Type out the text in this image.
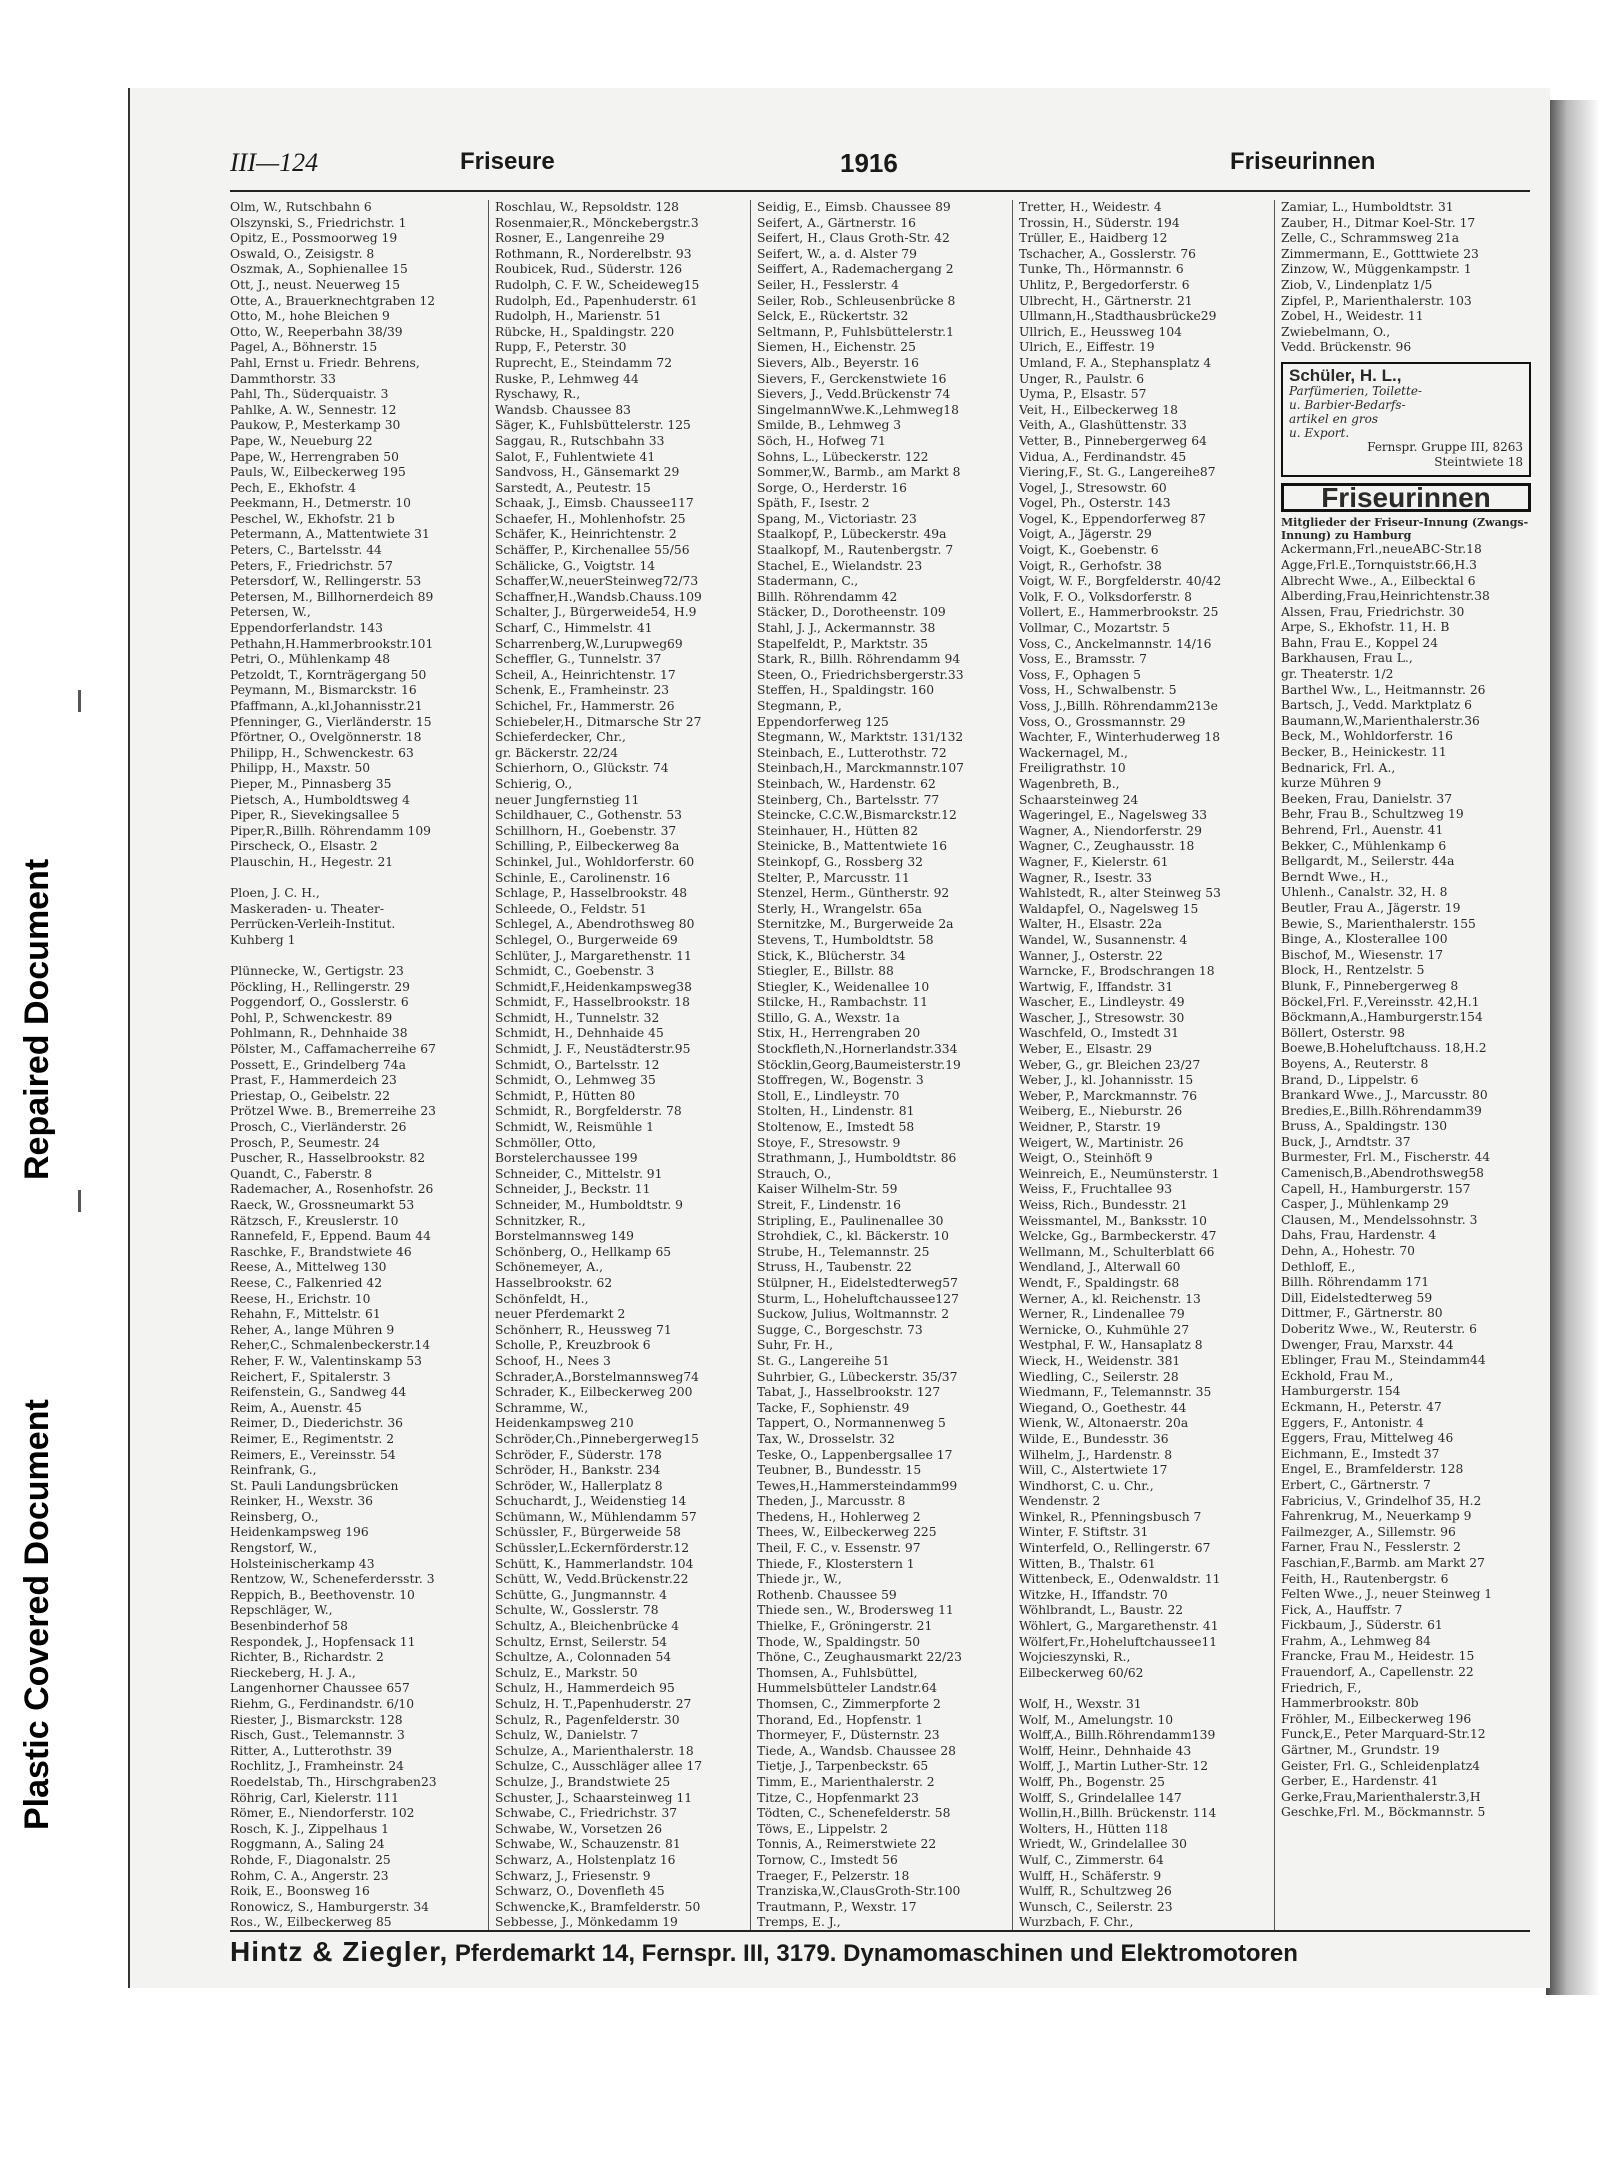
Plastic Covered Document
III—124	Friseure	1916	Friseurinnen
Olm, W., Rutschbahn 6
Olszynski, S., Friedrichstr. 1
Opitz, E., Possmoorweg 19
Oswald, O., Zeisigstr. 8
Oszmak, A., Sophienallee 15
Ott, J., neust. Neuerweg 15
Otte, A., Brauerknechtgraben 12
Otto, M., hohe Bleichen 9
Otto, W., Reeperbahn 38/39
Pagel, A., Böhnerstr. 15
Pahl, Ernst u. Friedr. Behrens,
Dammthorstr. 33
Pahl, Th., Süderquaistr. 3
Pahlke, A. W., Sennestr. 12
Paukow, P., Mesterkamp 30
Pape, W., Neueburg 22
Pape, W., Herrengraben 50
Pauls, W., Eilbeckerweg 195
Pech, E., Ekhofstr. 4
Peekmann, H., Detmerstr. 10
Peschel, W., Ekhofstr. 21 b
Petermann, A., Mattentwiete 31
Peters, C., Bartelsstr. 44
Peters, F., Friedrichstr. 57
Petersdorf, W., Rellingerstr. 53
Petersen, M., Billhornerdeich 89
Petersen, W.,
Eppendorferlandstr. 143
Pethahn,H.Hammerbrookstr.101
Petri, O., Mühlenkamp 48
Petzoldt, T., Kornträgergang 50
Peymann, M., Bismarckstr. 16
Pfaffmann, A.,kl.Johannisstr.21
Pfenninger, G., Vierländerstr. 15
Pförtner, O., Ovelgönnerstr. 18
Philipp, H., Schwenckestr. 63
Philipp, H., Maxstr. 50
Pieper, M., Pinnasberg 35
Pietsch, A., Humboldtsweg 4
Piper, R., Sievekingsallee 5
Piper,R.,Billh. Röhrendamm 109
Pirscheck, O., Elsastr. 2
Plauschin, H., Hegestr. 21

Ploen, J. C. H.,
Maskeraden- u. Theater-
Perrücken-Verleih-Institut.
Kuhberg 1

Plünnecke, W., Gertigstr. 23
Pöckling, H., Rellingerstr. 29
Poggendorf, O., Gosslerstr. 6
Pohl, P., Schwenckestr. 89
Pohlmann, R., Dehnhaide 38
Pölster, M., Caffamacherreihe 67
Possett, E., Grindelberg 74a
Prast, F., Hammerdeich 23
Priestap, O., Geibelstr. 22
Prötzel Wwe. B., Bremerreihe 23
Prosch, C., Vierländerstr. 26
Prosch, P., Seumestr. 24
Puscher, R., Hasselbrookstr. 82
Quandt, C., Faberstr. 8
Rademacher, A., Rosenhofstr. 26
Raeck, W., Grossneumarkt 53
Rätzsch, F., Kreuslerstr. 10
Rannefeld, F., Eppend. Baum 44
Raschke, F., Brandstwiete 46
Reese, A., Mittelweg 130
Reese, C., Falkenried 42
Reese, H., Erichstr. 10
Rehahn, F., Mittelstr. 61
Reher, A., lange Mühren 9
Reher,C., Schmalenbeckerstr.14
Reher, F. W., Valentinskamp 53
Reichert, F., Spitalerstr. 3
Reifenstein, G., Sandweg 44
Reim, A., Auenstr. 45
Reimer, D., Diederichstr. 36
Reimer, E., Regimentstr. 2
Reimers, E., Vereinsstr. 54
Reinfrank, G.,
St. Pauli Landungsbrücken
Reinker, H., Wexstr. 36
Reinsberg, O.,
Heidenkampsweg 196
Rengstorf, W.,
Holsteinischerkamp 43
Rentzow, W., Scheneferdersstr. 3
Reppich, B., Beethovenstr. 10
Repschläger, W.,
Besenbinderhof 58
Respondek, J., Hopfensack 11
Richter, B., Richardstr. 2
Rieckeberg, H. J. A.,
Langenhorner Chaussee 657
Riehm, G., Ferdinandstr. 6/10
Riester, J., Bismarckstr. 128
Risch, Gust., Telemannstr. 3
Ritter, A., Lutterothstr. 39
Rochlitz, J., Framheinstr. 24
Roedelstab, Th., Hirschgraben23
Röhrig, Carl, Kielerstr. 111
Römer, E., Niendorferstr. 102
Rosch, K. J., Zippelhaus 1
Roggmann, A., Saling 24
Rohde, F., Diagonalstr. 25
Rohm, C. A., Angerstr. 23
Roik, E., Boonsweg 16
Ronowicz, S., Hamburgerstr. 34
Ros., W., Eilbeckerweg 85
Roschlau, W., Repsoldstr. 128
Rosenmaier,R., Mönckebergstr.3
Rosner, E., Langenreihe 29
Rothmann, R., Norderelbstr. 93
Roubicek, Rud., Süderstr. 126
Rudolph, C. F. W., Scheideweg15
Rudolph, Ed., Papenhuderstr. 61
Rudolph, H., Marienstr. 51
Rübcke, H., Spaldingstr. 220
Rupp, F., Peterstr. 30
Ruprecht, E., Steindamm 72
Ruske, P., Lehmweg 44
Ryschawy, R.,
Wandsb. Chaussee 83
Säger, K., Fuhlsbüttelerstr. 125
Saggau, R., Rutschbahn 33
Salot, F., Fuhlentwiete 41
Sandvoss, H., Gänsemarkt 29
Sarstedt, A., Peutestr. 15
Schaak, J., Eimsb. Chaussee117
Schaefer, H., Mohlenhofstr. 25
Schäfer, K., Heinrichtenstr. 2
Schäffer, P., Kirchenallee 55/56
Schälicke, G., Voigtstr. 14
Schaffer,W.,neuerSteinweg72/73
Schaffner,H.,Wandsb.Chauss.109
Schalter, J., Bürgerweide54, H.9
Scharf, C., Himmelstr. 41
Scharrenberg,W.,Lurupweg69
Scheffler, G., Tunnelstr. 37
Scheil, A., Heinrichtenstr. 17
Schenk, E., Framheinstr. 23
Schichel, Fr., Hammerstr. 26
Schiebeler,H., Ditmarsche Str 27
Schieferdecker, Chr.,
gr. Bäckerstr. 22/24
Schierhorn, O., Glückstr. 74
Schierig, O.,
neuer Jungfernstieg 11
Schildhauer, C., Gothenstr. 53
Schillhorn, H., Goebenstr. 37
Schilling, P., Eilbeckerweg 8a
Schinkel, Jul., Wohldorferstr. 60
Schinle, E., Carolinenstr. 16
Schlage, P., Hasselbrookstr. 48
Schleede, O., Feldstr. 51
Schlegel, A., Abendrothsweg 80
Schlegel, O., Burgerweide 69
Schlüter, J., Margarethenstr. 11
Schmidt, C., Goebenstr. 3
Schmidt,F.,Heidenkampsweg38
Schmidt, F., Hasselbrookstr. 18
Schmidt, H., Tunnelstr. 32
Schmidt, H., Dehnhaide 45
Schmidt, J. F., Neustädterstr.95
Schmidt, O., Bartelsstr. 12
Schmidt, O., Lehmweg 35
Schmidt, P., Hütten 80
Schmidt, R., Borgfelderstr. 78
Schmidt, W., Reismühle 1
Schmöller, Otto,
Borstelerchaussee 199
Schneider, C., Mittelstr. 91
Schneider, J., Beckstr. 11
Schneider, M., Humboldtstr. 9
Schnitzker, R.,
Borstelmannsweg 149
Schönberg, O., Hellkamp 65
Schönemeyer, A.,
Hasselbrookstr. 62
Schönfeldt, H.,
neuer Pferdemarkt 2
Schönherr, R., Heussweg 71
Scholle, P., Kreuzbrook 6
Schoof, H., Nees 3
Schrader,A.,Borstelmannsweg74
Schrader, K., Eilbeckerweg 200
Schramme, W.,
Heidenkampsweg 210
Schröder,Ch.,Pinnebergerweg15
Schröder, F., Süderstr. 178
Schröder, H., Bankstr. 234
Schröder, W., Hallerplatz 8
Schuchardt, J., Weidenstieg 14
Schümann, W., Mühlendamm 57
Schüssler, F., Bürgerweide 58
Schüssler,L.Eckernförderstr.12
Schütt, K., Hammerlandstr. 104
Schütt, W., Vedd.Brückenstr.22
Schütte, G., Jungmannstr. 4
Schulte, W., Gosslerstr. 78
Schultz, A., Bleichenbrücke 4
Schultz, Ernst, Seilerstr. 54
Schultze, A., Colonnaden 54
Schulz, E., Markstr. 50
Schulz, H., Hammerdeich 95
Schulz, H. T.,Papenhuderstr. 27
Schulz, R., Pagenfelderstr. 30
Schulz, W., Danielstr. 7
Schulze, A., Marienthalerstr. 18
Schulze, C., Ausschläger allee 17
Schulze, J., Brandstwiete 25
Schuster, J., Schaarsteinweg 11
Schwabe, C., Friedrichstr. 37
Schwabe, W., Vorsetzen 26
Schwabe, W., Schauzenstr. 81
Schwarz, A., Holstenplatz 16
Schwarz, J., Friesenstr. 9
Schwarz, O., Dovenfleth 45
Schwencke,K., Bramfelderstr. 50
Sebbesse, J., Mönkedamm 19
Seidig, E., Eimsb. Chaussee 89
Seifert, A., Gärtnerstr. 16
Seifert, H., Claus Groth-Str. 42
Seifert, W., a. d. Alster 79
Seiffert, A., Rademachergang 2
Seiler, H., Fesslerstr. 4
Seiler, Rob., Schleusenbrücke 8
Selck, E., Rückertstr. 32
Seltmann, P., Fuhlsbüttelerstr.1
Siemen, H., Eichenstr. 25
Sievers, Alb., Beyerstr. 16
Sievers, F., Gerckenstwiete 16
Sievers, J., Vedd.Brückenstr 74
SingelmannWwe.K.,Lehmweg18
Smilde, B., Lehmweg 3
Söch, H., Hofweg 71
Sohns, L., Lübeckerstr. 122
Sommer,W., Barmb., am Markt 8
Sorge, O., Herderstr. 16
Späth, F., Isestr. 2
Spang, M., Victoriastr. 23
Staalkopf, P., Lübeckerstr. 49a
Staalkopf, M., Rautenbergstr. 7
Stachel, E., Wielandstr. 23
Stadermann, C.,
Billh. Röhrendamm 42
Stäcker, D., Dorotheenstr. 109
Stahl, J. J., Ackermannstr. 38
Stapelfeldt, P., Marktstr. 35
Stark, R., Billh. Röhrendamm 94
Steen, O., Friedrichsbergerstr.33
Steffen, H., Spaldingstr. 160
Stegmann, P.,
Eppendorferweg 125
Stegmann, W., Marktstr. 131/132
Steinbach, E., Lutterothstr. 72
Steinbach,H., Marckmannstr.107
Steinbach, W., Hardenstr. 62
Steinberg, Ch., Bartelsstr. 77
Steincke, C.C.W.,Bismarckstr.12
Steinhauer, H., Hütten 82
Steinicke, B., Mattentwiete 16
Steinkopf, G., Rossberg 32
Stelter, P., Marcusstr. 11
Stenzel, Herm., Güntherstr. 92
Sterly, H., Wrangelstr. 65a
Sternitzke, M., Burgerweide 2a
Stevens, T., Humboldtstr. 58
Stick, K., Blücherstr. 34
Stiegler, E., Billstr. 88
Stiegler, K., Weidenallee 10
Stilcke, H., Rambachstr. 11
Stillo, G. A., Wexstr. 1a
Stix, H., Herrengraben 20
Stockfleth,N.,Hornerlandstr.334
Stöcklin,Georg,Baumeisterstr.19
Stoffregen, W., Bogenstr. 3
Stoll, E., Lindleystr. 70
Stolten, H., Lindenstr. 81
Stoltenow, E., Imstedt 58
Stoye, F., Stresowstr. 9
Strathmann, J., Humboldtstr. 86
Strauch, O.,
Kaiser Wilhelm-Str. 59
Streit, F., Lindenstr. 16
Stripling, E., Paulinenallee 30
Strohdiek, C., kl. Bäckerstr. 10
Strube, H., Telemannstr. 25
Struss, H., Taubenstr. 22
Stülpner, H., Eidelstedterweg57
Sturm, L., Hoheluftchaussee127
Suckow, Julius, Woltmannstr. 2
Sugge, C., Borgeschstr. 73
Suhr, Fr. H.,
St. G., Langereihe 51
Suhrbier, G., Lübeckerstr. 35/37
Tabat, J., Hasselbrookstr. 127
Tacke, F., Sophienstr. 49
Tappert, O., Normannenweg 5
Tax, W., Drosselstr. 32
Teske, O., Lappenbergsallee 17
Teubner, B., Bundesstr. 15
Tewes,H.,Hammersteindamm99
Theden, J., Marcusstr. 8
Thedens, H., Hohlerweg 2
Thees, W., Eilbeckerweg 225
Theil, F. C., v. Essenstr. 97
Thiede, F., Klosterstern 1
Thiede jr., W.,
Rothenb. Chaussee 59
Thiede sen., W., Brodersweg 11
Thielke, F., Gröningerstr. 21
Thode, W., Spaldingstr. 50
Thöne, C., Zeughausmarkt 22/23
Thomsen, A., Fuhlsbüttel,
Hummelsbütteler Landstr.64
Thomsen, C., Zimmerpforte 2
Thorand, Ed., Hopfenstr. 1
Thormeyer, F., Düsternstr. 23
Tiede, A., Wandsb. Chaussee 28
Tietje, J., Tarpenbeckstr. 65
Timm, E., Marienthalerstr. 2
Titze, C., Hopfenmarkt 23
Tödten, C., Schenefelderstr. 58
Töws, E., Lippelstr. 2
Tonnis, A., Reimerstwiete 22
Tornow, C., Imstedt 56
Traeger, F., Pelzerstr. 18
Tranziska,W.,ClausGroth-Str.100
Trautmann, P., Wexstr. 17
Tremps, E. J.,
Tretter, H., Weidestr. 4
Trossin, H., Süderstr. 194
Trüller, E., Haidberg 12
Tschacher, A., Gosslerstr. 76
Tunke, Th., Hörmannstr. 6
Uhlitz, P., Bergedorferstr. 6
Ulbrecht, H., Gärtnerstr. 21
Ullmann,H.,Stadthausbrücke29
Ullrich, E., Heussweg 104
Ulrich, E., Eiffestr. 19
Umland, F. A., Stephansplatz 4
Unger, R., Paulstr. 6
Uyma, P., Elsastr. 57
Veit, H., Eilbeckerweg 18
Veith, A., Glashüttenstr. 33
Vetter, B., Pinnebergerweg 64
Vidua, A., Ferdinandstr. 45
Viering,F., St. G., Langereihe87
Vogel, J., Stresowstr. 60
Vogel, Ph., Osterstr. 143
Vogel, K., Eppendorferweg 87
Voigt, A., Jägerstr. 29
Voigt, K., Goebenstr. 6
Voigt, R., Gerhofstr. 38
Voigt, W. F., Borgfelderstr. 40/42
Volk, F. O., Volksdorferstr. 8
Vollert, E., Hammerbrookstr. 25
Vollmar, C., Mozartstr. 5
Voss, C., Anckelmannstr. 14/16
Voss, E., Bramsstr. 7
Voss, F., Ophagen 5
Voss, H., Schwalbenstr. 5
Voss, J.,Billh. Röhrendamm213e
Voss, O., Grossmannstr. 29
Wachter, F., Winterhuderweg 18
Wackernagel, M.,
Freiligrathstr. 10
Wagenbreth, B.,
Schaarsteinweg 24
Wageringel, E., Nagelsweg 33
Wagner, A., Niendorferstr. 29
Wagner, C., Zeughausstr. 18
Wagner, F., Kielerstr. 61
Wagner, R., Isestr. 33
Wahlstedt, R., alter Steinweg 53
Waldapfel, O., Nagelsweg 15
Walter, H., Elsastr. 22a
Wandel, W., Susannenstr. 4
Wanner, J., Osterstr. 22
Warncke, F., Brodschrangen 18
Wartwig, F., Iffandstr. 31
Wascher, E., Lindleystr. 49
Wascher, J., Stresowstr. 30
Waschfeld, O., Imstedt 31
Weber, E., Elsastr. 29
Weber, G., gr. Bleichen 23/27
Weber, J., kl. Johannisstr. 15
Weber, P., Marckmannstr. 76
Weiberg, E., Nieburstr. 26
Weidner, P., Starstr. 19
Weigert, W., Martinistr. 26
Weigt, O., Steinhöft 9
Weinreich, E., Neumünsterstr. 1
Weiss, F., Fruchtallee 93
Weiss, Rich., Bundesstr. 21
Weissmantel, M., Banksstr. 10
Welcke, Gg., Barmbeckerstr. 47
Wellmann, M., Schulterblatt 66
Wendland, J., Alterwall 60
Wendt, F., Spaldingstr. 68
Werner, A., kl. Reichenstr. 13
Werner, R., Lindenallee 79
Wernicke, O., Kuhmühle 27
Westphal, F. W., Hansaplatz 8
Wieck, H., Weidenstr. 381
Wiedling, C., Seilerstr. 28
Wiedmann, F., Telemannstr. 35
Wiegand, O., Goethestr. 44
Wienk, W., Altonaerstr. 20a
Wilde, E., Bundesstr. 36
Wilhelm, J., Hardenstr. 8
Will, C., Alstertwiete 17
Windhorst, C. u. Chr.,
Wendenstr. 2
Winkel, R., Pfenningsbusch 7
Winter, F. Stiftstr. 31
Winterfeld, O., Rellingerstr. 67
Witten, B., Thalstr. 61
Wittenbeck, E., Odenwaldstr. 11
Witzke, H., Iffandstr. 70
Wöhlbrandt, L., Baustr. 22
Wöhlert, G., Margarethenstr. 41
Wölfert,Fr.,Hoheluftchaussee11
Wojcieszynski, R.,
Eilbeckerweg 60/62

Wolf, H., Wexstr. 31
Wolf, M., Amelungstr. 10
Wolff,A., Billh.Röhrendamm139
Wolff, Heinr., Dehnhaide 43
Wolff, J., Martin Luther-Str. 12
Wolff, Ph., Bogenstr. 25
Wolff, S., Grindelallee 147
Wollin,H.,Billh. Brückenstr. 114
Wolters, H., Hütten 118
Wriedt, W., Grindelallee 30
Wulf, C., Zimmerstr. 64
Wulff, H., Schäferstr. 9
Wulff, R., Schultzweg 26
Wunsch, C., Seilerstr. 23
Wurzbach, F. Chr.,
Zamiar, L., Humboldtstr. 31
Zauber, H., Ditmar Koel-Str. 17
Zelle, C., Schrammsweg 21a
Zimmermann, E., Gotttwiete 23
Zinzow, W., Müggenkampstr. 1
Ziob, V., Lindenplatz 1/5
Zipfel, P., Marienthalerstr. 103
Zobel, H., Weidestr. 11
Zwiebelmann, O.,
Vedd. Brückenstr. 96
Schüler, H. L.,
Parfümerien, Toilette-
u. Barbier-Bedarfs-
artikel en gros
u. Export.
Fernspr. Gruppe III, 8263
Steintwiete 18
Friseurinnen
Mitglieder der Friseur-Innung (Zwangs-Innung) zu Hamburg
Ackermann,Frl.,neueABC-Str.18
Agge,Frl.E.,Tornquiststr.66,H.3
Albrecht Wwe., A., Eilbecktal 6
Alberding,Frau,Heinrichtenstr.38
Alssen, Frau, Friedrichstr. 30
Arpe, S., Ekhofstr. 11, H. B
Bahn, Frau E., Koppel 24
Barkhausen, Frau L.,
gr. Theaterstr. 1/2
Barthel Ww., L., Heitmannstr. 26
Bartsch, J., Vedd. Marktplatz 6
Baumann,W.,Marienthalerstr.36
Beck, M., Wohldorferstr. 16
Becker, B., Heinickestr. 11
Bednarick, Frl. A.,
kurze Mühren 9
Beeken, Frau, Danielstr. 37
Behr, Frau B., Schultzweg 19
Behrend, Frl., Auenstr. 41
Bekker, C., Mühlenkamp 6
Bellgardt, M., Seilerstr. 44a
Berndt Wwe., H.,
Uhlenh., Canalstr. 32, H. 8
Beutler, Frau A., Jägerstr. 19
Bewie, S., Marienthalerstr. 155
Binge, A., Klosterallee 100
Bischof, M., Wiesenstr. 17
Block, H., Rentzelstr. 5
Blunk, F., Pinnebergerweg 8
Böckel,Frl. F.,Vereinsstr. 42,H.1
Böckmann,A.,Hamburgerstr.154
Böllert, Osterstr. 98
Boewe,B.Hoheluftchauss. 18,H.2
Boyens, A., Reuterstr. 8
Brand, D., Lippelstr. 6
Brankard Wwe., J., Marcusstr. 80
Bredies,E.,Billh.Röhrendamm39
Bruss, A., Spaldingstr. 130
Buck, J., Arndtstr. 37
Burmester, Frl. M., Fischerstr. 44
Camenisch,B.,Abendrothsweg58
Capell, H., Hamburgerstr. 157
Casper, J., Mühlenkamp 29
Clausen, M., Mendelssohnstr. 3
Dahs, Frau, Hardenstr. 4
Dehn, A., Hohestr. 70
Dethloff, E.,
Billh. Röhrendamm 171
Dill, Eidelstedterweg 59
Dittmer, F., Gärtnerstr. 80
Doberitz Wwe., W., Reuterstr. 6
Dwenger, Frau, Marxstr. 44
Eblinger, Frau M., Steindamm44
Eckhold, Frau M.,
Hamburgerstr. 154
Eckmann, H., Peterstr. 47
Eggers, F., Antonistr. 4
Eggers, Frau, Mittelweg 46
Eichmann, E., Imstedt 37
Engel, E., Bramfelderstr. 128
Erbert, C., Gärtnerstr. 7
Fabricius, V., Grindelhof 35, H.2
Fahrenkrug, M., Neuerkamp 9
Failmezger, A., Sillemstr. 96
Farner, Frau N., Fesslerstr. 2
Faschian,F.,Barmb. am Markt 27
Feith, H., Rautenbergstr. 6
Felten Wwe., J., neuer Steinweg 1
Fick, A., Hauffstr. 7
Fickbaum, J., Süderstr. 61
Frahm, A., Lehmweg 84
Francke, Frau M., Heidestr. 15
Frauendorf, A., Capellenstr. 22
Friedrich, F.,
Hammerbrookstr. 80b
Fröhler, M., Eilbeckerweg 196
Funck,E., Peter Marquard-Str.12
Gärtner, M., Grundstr. 19
Geister, Frl. G., Schleidenplatz4
Gerber, E., Hardenstr. 41
Gerke,Frau,Marienthalerstr.3,H
Geschke,Frl. M., Böckmannstr. 5
Hintz & Ziegler, Pferdemarkt 14, Fernspr. III, 3179. Dynamomaschinen und Elektromotoren
